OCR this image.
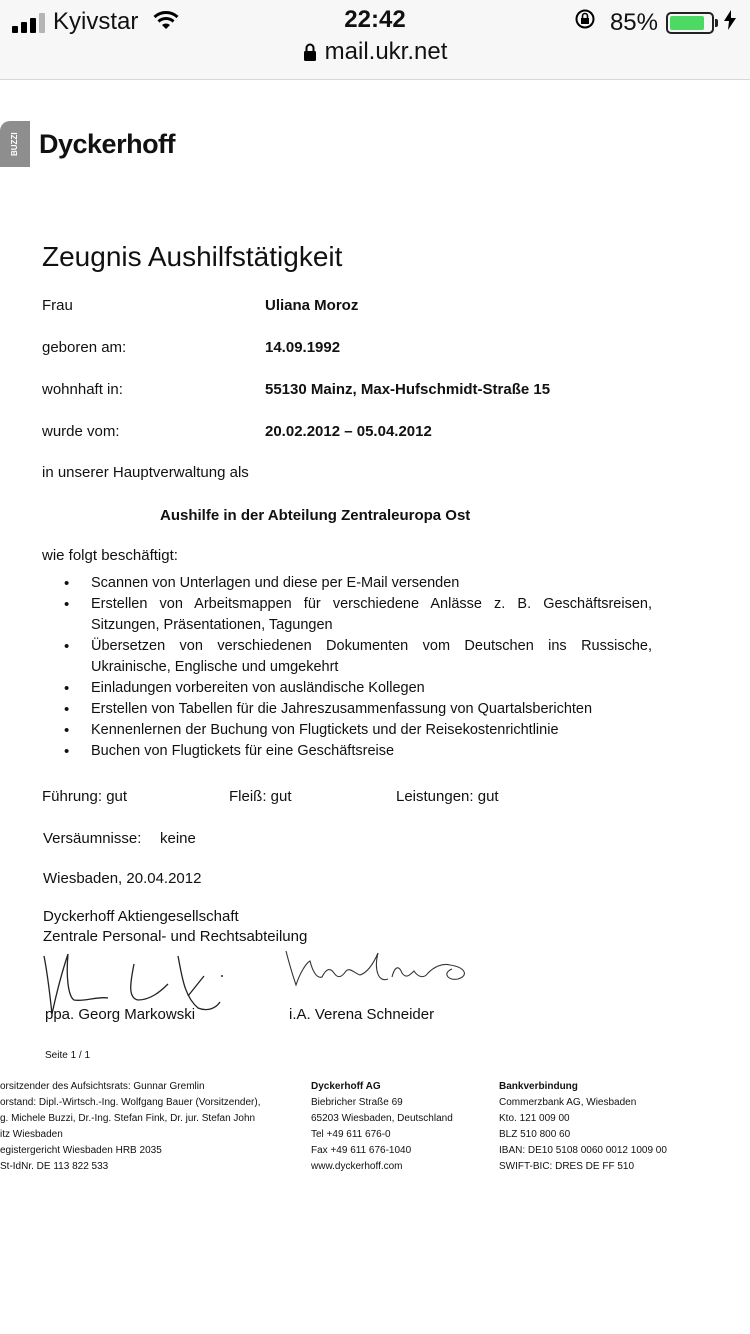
Kyivstar	22:42	85%
mail.ukr.net
BUZZI Dyckerhoff
Zeugnis Aushilfstätigkeit
Frau	Uliana Moroz
geboren am:	14.09.1992
wohnhaft in:	55130 Mainz, Max-Hufschmidt-Straße 15
wurde vom:	20.02.2012 – 05.04.2012
in unserer Hauptverwaltung als
Aushilfe in der Abteilung Zentraleuropa Ost
wie folgt beschäftigt:
• Scannen von Unterlagen und diese per E-Mail versenden
• Erstellen von Arbeitsmappen für verschiedene Anlässe z. B. Geschäftsreisen, Sitzungen, Präsentationen, Tagungen
• Übersetzen von verschiedenen Dokumenten vom Deutschen ins Russische, Ukrainische, Englische und umgekehrt
• Einladungen vorbereiten von ausländische Kollegen
• Erstellen von Tabellen für die Jahreszusammenfassung von Quartalsberichten
• Kennenlernen der Buchung von Flugtickets und der Reisekostenrichtlinie
• Buchen von Flugtickets für eine Geschäftsreise
Führung: gut	Fleiß: gut	Leistungen: gut
Versäumnisse: keine
Wiesbaden, 20.04.2012
Dyckerhoff Aktiengesellschaft
Zentrale Personal- und Rechtsabteilung
ppa. Georg Markowski	i.A. Verena Schneider
Seite 1 / 1
orsitzender des Aufsichtsrats: Gunnar Gremlin
orstand: Dipl.-Wirtsch.-Ing. Wolfgang Bauer (Vorsitzender),
g. Michele Buzzi, Dr.-Ing. Stefan Fink, Dr. jur. Stefan John
itz Wiesbaden
egistergericht Wiesbaden HRB 2035
St-IdNr. DE 113 822 533
Dyckerhoff AG
Biebricher Straße 69
65203 Wiesbaden, Deutschland
Tel +49 611 676-0
Fax +49 611 676-1040
www.dyckerhoff.com
Bankverbindung
Commerzbank AG, Wiesbaden
Kto. 121 009 00
BLZ 510 800 60
IBAN: DE10 5108 0060 0012 1009 00
SWIFT-BIC: DRES DE FF 510
